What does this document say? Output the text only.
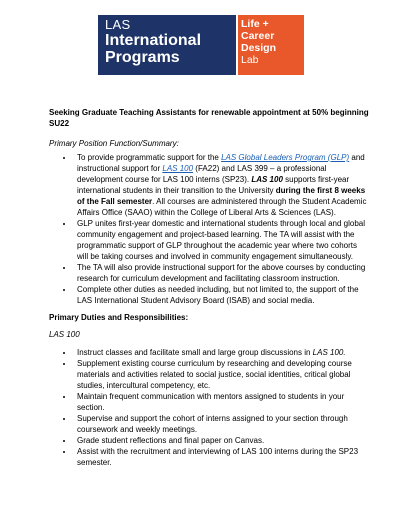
LAS
International
Programs
Life +
Career
Design
Lab
Seeking Graduate Teaching Assistants for renewable appointment at 50% beginning SU22
Primary Position Function/Summary:
• To provide programmatic support for the LAS Global Leaders Program (GLP) and instructional support for LAS 100 (FA22) and LAS 399 – a professional development course for LAS 100 interns (SP23). LAS 100 supports first-year international students in their transition to the University during the first 8 weeks of the Fall semester. All courses are administered through the Student Academic Affairs Office (SAAO) within the College of Liberal Arts & Sciences (LAS).
• GLP unites first-year domestic and international students through local and global community engagement and project-based learning. The TA will assist with the programmatic support of GLP throughout the academic year where two cohorts will be taking courses and involved in community engagement simultaneously.
• The TA will also provide instructional support for the above courses by conducting research for curriculum development and facilitating classroom instruction.
• Complete other duties as needed including, but not limited to, the support of the LAS International Student Advisory Board (ISAB) and social media.
Primary Duties and Responsibilities:
LAS 100
• Instruct classes and facilitate small and large group discussions in LAS 100.
• Supplement existing course curriculum by researching and developing course materials and activities related to social justice, social identities, critical global studies, intercultural competency, etc.
• Maintain frequent communication with mentors assigned to students in your section.
• Supervise and support the cohort of interns assigned to your section through coursework and weekly meetings.
• Grade student reflections and final paper on Canvas.
• Assist with the recruitment and interviewing of LAS 100 interns during the SP23 semester.
